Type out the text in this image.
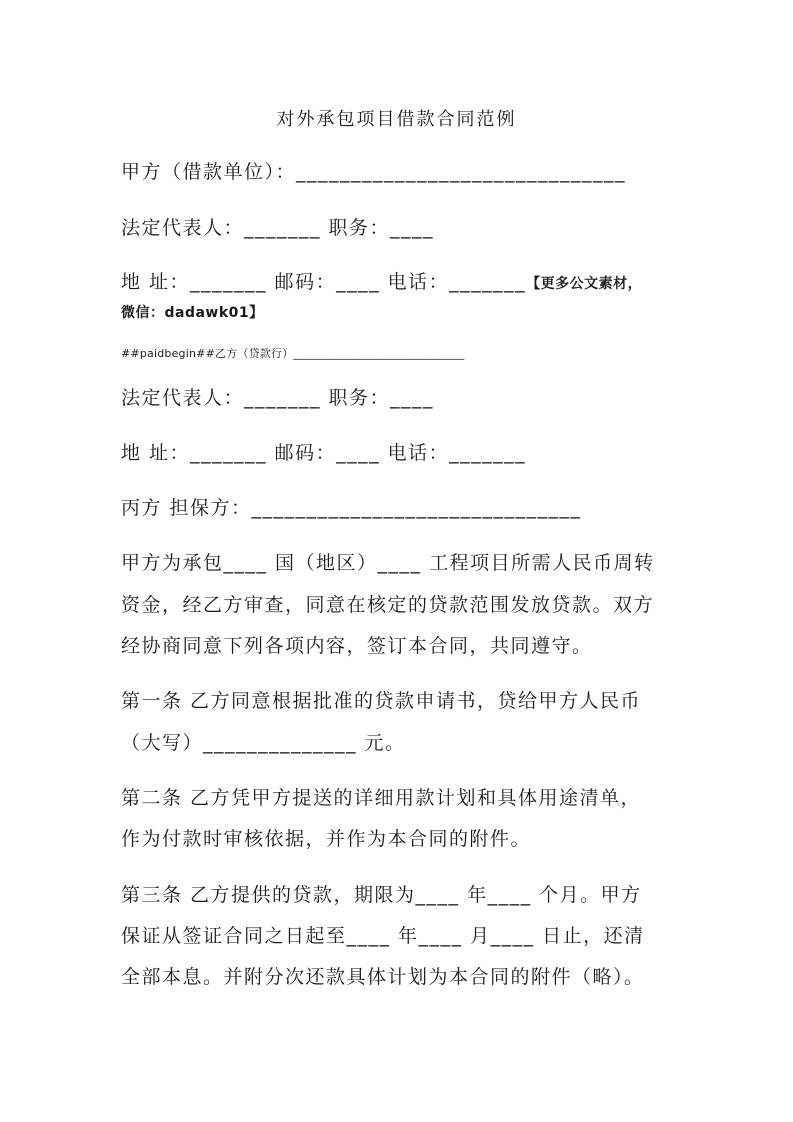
对外承包项目借款合同范例
甲方（借款单位）：______________________________
法定代表人：_______ 职务：____
地 址：_______ 邮码：____ 电话：_______【更多公文素材，
微信：dadawk01】
##paidbegin##乙方（贷款行）______________________________
法定代表人：_______ 职务：____
地 址：_______ 邮码：____ 电话：_______
丙方 担保方：______________________________
甲方为承包____ 国（地区）____ 工程项目所需人民币周转
资金，经乙方审查，同意在核定的贷款范围发放贷款。双方
经协商同意下列各项内容，签订本合同，共同遵守。
第一条 乙方同意根据批准的贷款申请书，贷给甲方人民币
（大写）______________ 元。
第二条 乙方凭甲方提送的详细用款计划和具体用途清单，
作为付款时审核依据，并作为本合同的附件。
第三条 乙方提供的贷款，期限为____ 年____ 个月。甲方
保证从签证合同之日起至____ 年____ 月____ 日止，还清
全部本息。并附分次还款具体计划为本合同的附件（略）。
